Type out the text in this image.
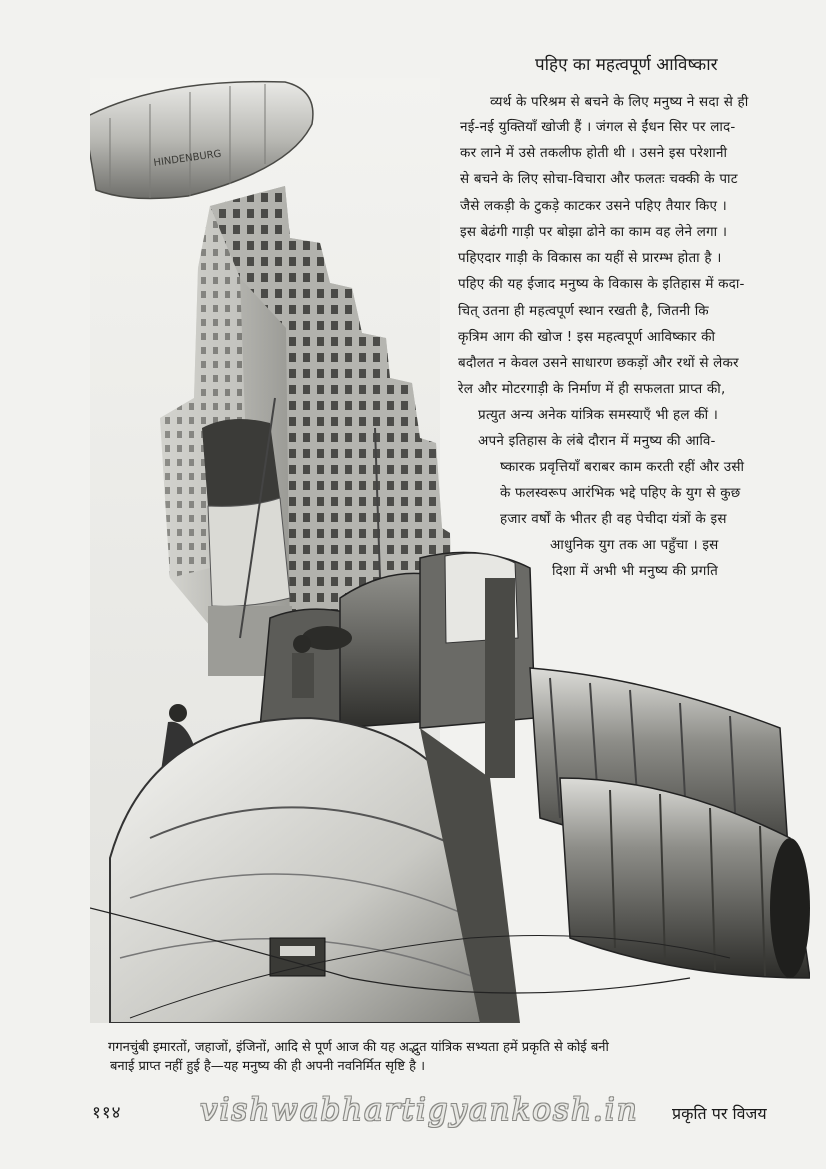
पहिए का महत्वपूर्ण आविष्कार
HINDENBURG
व्यर्थ के परिश्रम से बचने के लिए मनुष्य ने सदा से ही
नई-नई युक्तियाँ खोजी हैं । जंगल से ईंधन सिर पर लाद-
कर लाने में उसे तकलीफ होती थी । उसने इस परेशानी
से बचने के लिए सोचा-विचारा और फलतः चक्की के पाट
जैसे लकड़ी के टुकड़े काटकर उसने पहिए तैयार किए ।
इस बेढंगी गाड़ी पर बोझा ढोने का काम वह लेने लगा ।
पहिएदार गाड़ी के विकास का यहीं से प्रारम्भ होता है ।
पहिए की यह ईजाद मनुष्य के विकास के इतिहास में कदा-
चित् उतना ही महत्वपूर्ण स्थान रखती है, जितनी कि
कृत्रिम आग की खोज ! इस महत्वपूर्ण आविष्कार की
बदौलत न केवल उसने साधारण छकड़ों और रथों से लेकर
रेल और मोटरगाड़ी के निर्माण में ही सफलता प्राप्त की,
प्रत्युत अन्य अनेक यांत्रिक समस्याएँ भी हल कीं ।
अपने इतिहास के लंबे दौरान में मनुष्य की आवि-
ष्कारक प्रवृत्तियाँ बराबर काम करती रहीं और उसी
के फलस्वरूप आरंभिक भद्दे पहिए के युग से कुछ
हजार वर्षों के भीतर ही वह पेचीदा यंत्रों के इस
आधुनिक युग तक आ पहुँचा । इस
दिशा में अभी भी मनुष्य की प्रगति
गगनचुंबी इमारतों, जहाजों, इंजिनों, आदि से पूर्ण आज की यह अद्भुत यांत्रिक सभ्यता हमें प्रकृति से कोई बनी
बनाई प्राप्त नहीं हुई है—यह मनुष्य की ही अपनी नवनिर्मित सृष्टि है ।
११४	vishwabhartigyankosh.in प्रकृति पर विजय
